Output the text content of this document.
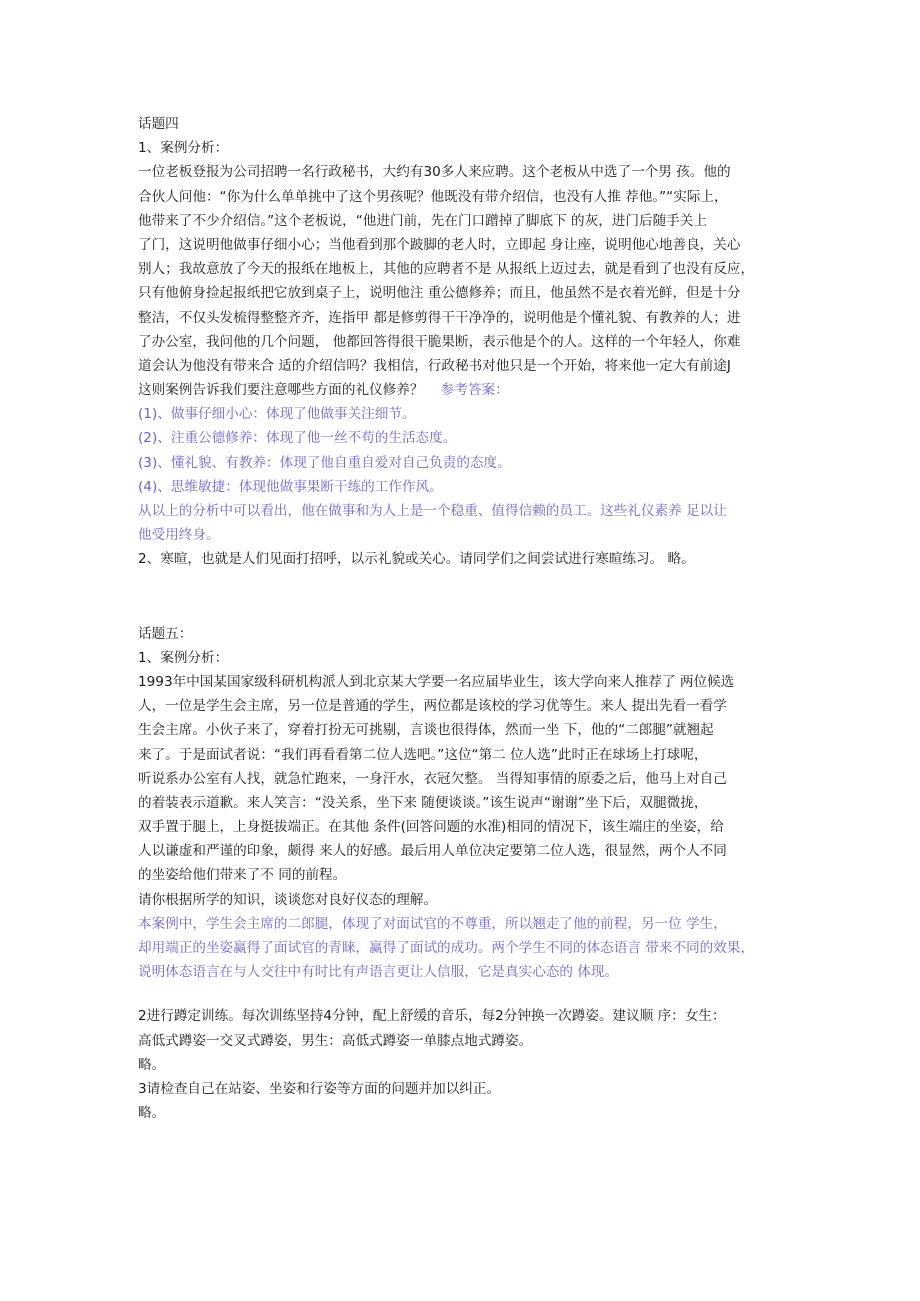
话题四
1、案例分析：
一位老板登报为公司招聘一名行政秘书，大约有30多人来应聘。这个老板从中选了一个男 孩。他的
合伙人问他：“你为什么单单挑中了这个男孩呢？他既没有带介绍信，也没有人推 荐他。”“实际上，
他带来了不少介绍信。”这个老板说，“他进门前，先在门口蹭掉了脚底下 的灰，进门后随手关上
了门，这说明他做事仔细小心；当他看到那个跛脚的老人时，立即起 身让座，说明他心地善良，关心
别人；我故意放了今天的报纸在地板上，其他的应聘者不是 从报纸上迈过去，就是看到了也没有反应，
只有他俯身捡起报纸把它放到桌子上，说明他注 重公德修养；而且，他虽然不是衣着光鲜，但是十分
整洁，不仅头发梳得整整齐齐，连指甲 都是修剪得干干净净的，说明他是个懂礼貌、有教养的人；进
了办公室，我问他的几个问题， 他都回答得很干脆果断，表示他是个的人。这样的一个年轻人，你难
道会认为他没有带来合 适的介绍信吗？我相信，行政秘书对他只是一个开始，将来他一定大有前途J
这则案例告诉我们要注意哪些方面的礼仪修养？ 参考答案：
(1)、做事仔细小心：体现了他做事关注细节。
(2)、注重公德修养：体现了他一丝不苟的生活态度。
(3)、懂礼貌、有教养：体现了他自重自爱对自己负责的态度。
(4)、思维敏捷：体现他做事果断干练的工作作风。
从以上的分析中可以看出，他在做事和为人上是一个稳重、值得信赖的员工。这些礼仪素养 足以让
他受用终身。
2、寒暄，也就是人们见面打招呼，以示礼貌或关心。请同学们之间尝试进行寒暄练习。 略。
话题五：
1、案例分析：
1993年中国某国家级科研机构派人到北京某大学要一名应届毕业生，该大学向来人推荐了 两位候选
人，一位是学生会主席，另一位是普通的学生，两位都是该校的学习优等生。来人 提出先看一看学
生会主席。小伙子来了，穿着打扮无可挑剔，言谈也很得体，然而一坐 下，他的“二郎腿”就翘起
来了。于是面试者说：“我们再看看第二位人选吧。”这位“第二 位人选”此时正在球场上打球呢，
听说系办公室有人找，就急忙跑来，一身汗水，衣冠欠整。 当得知事情的原委之后，他马上对自己
的着装表示道歉。来人笑言：“没关系，坐下来 随便谈谈。”该生说声“谢谢”坐下后，双腿微拢，
双手置于腿上，上身挺拔端正。在其他 条件(回答问题的水准)相同的情况下，该生端庄的坐姿，给
人以谦虚和严谨的印象，颇得 来人的好感。最后用人单位决定要第二位人选，很显然，两个人不同
的坐姿给他们带来了不 同的前程。
请你根据所学的知识，谈谈您对良好仪态的理解。
本案例中，学生会主席的二郎腿，体现了对面试官的不尊重，所以翘走了他的前程，另一位 学生，
却用端正的坐姿赢得了面试官的青睐，赢得了面试的成功。两个学生不同的体态语言 带来不同的效果，
说明体态语言在与人交往中有时比有声语言更让人信服，它是真实心态的 体现。
2进行蹲定训练。每次训练坚持4分钟，配上舒缓的音乐，每2分钟换一次蹲姿。建议顺 序：女生：
高低式蹲姿一交叉式蹲姿，男生：高低式蹲姿一单膝点地式蹲姿。
略。
3请检查自己在站姿、坐姿和行姿等方面的问题并加以纠正。
略。
